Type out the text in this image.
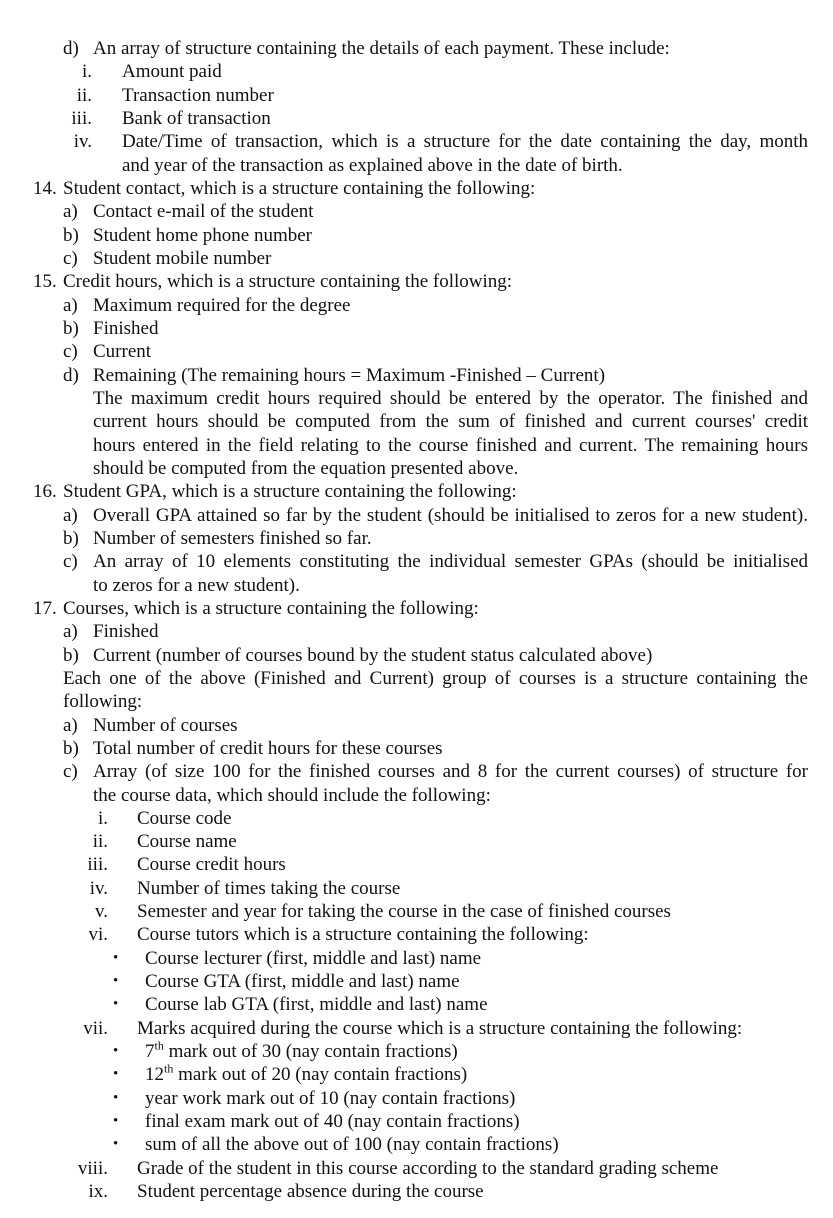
d) An array of structure containing the details of each payment. These include:
i. Amount paid
ii. Transaction number
iii. Bank of transaction
iv. Date/Time of transaction, which is a structure for the date containing the day, month
and year of the transaction as explained above in the date of birth.
14. Student contact, which is a structure containing the following:
a) Contact e-mail of the student
b) Student home phone number
c) Student mobile number
15. Credit hours, which is a structure containing the following:
a) Maximum required for the degree
b) Finished
c) Current
d) Remaining (The remaining hours = Maximum -Finished – Current)
The maximum credit hours required should be entered by the operator. The finished and
current hours should be computed from the sum of finished and current courses' credit
hours entered in the field relating to the course finished and current. The remaining hours
should be computed from the equation presented above.
16. Student GPA, which is a structure containing the following:
a) Overall GPA attained so far by the student (should be initialised to zeros for a new student).
b) Number of semesters finished so far.
c) An array of 10 elements constituting the individual semester GPAs (should be initialised
to zeros for a new student).
17. Courses, which is a structure containing the following:
a) Finished
b) Current (number of courses bound by the student status calculated above)
Each one of the above (Finished and Current) group of courses is a structure containing the
following:
a) Number of courses
b) Total number of credit hours for these courses
c) Array (of size 100 for the finished courses and 8 for the current courses) of structure for
the course data, which should include the following:
i. Course code
ii. Course name
iii. Course credit hours
iv. Number of times taking the course
v. Semester and year for taking the course in the case of finished courses
vi. Course tutors which is a structure containing the following:
• Course lecturer (first, middle and last) name
• Course GTA (first, middle and last) name
• Course lab GTA (first, middle and last) name
vii. Marks acquired during the course which is a structure containing the following:
• 7th mark out of 30 (nay contain fractions)
• 12th mark out of 20 (nay contain fractions)
• year work mark out of 10 (nay contain fractions)
• final exam mark out of 40 (nay contain fractions)
• sum of all the above out of 100 (nay contain fractions)
viii. Grade of the student in this course according to the standard grading scheme
ix. Student percentage absence during the course
